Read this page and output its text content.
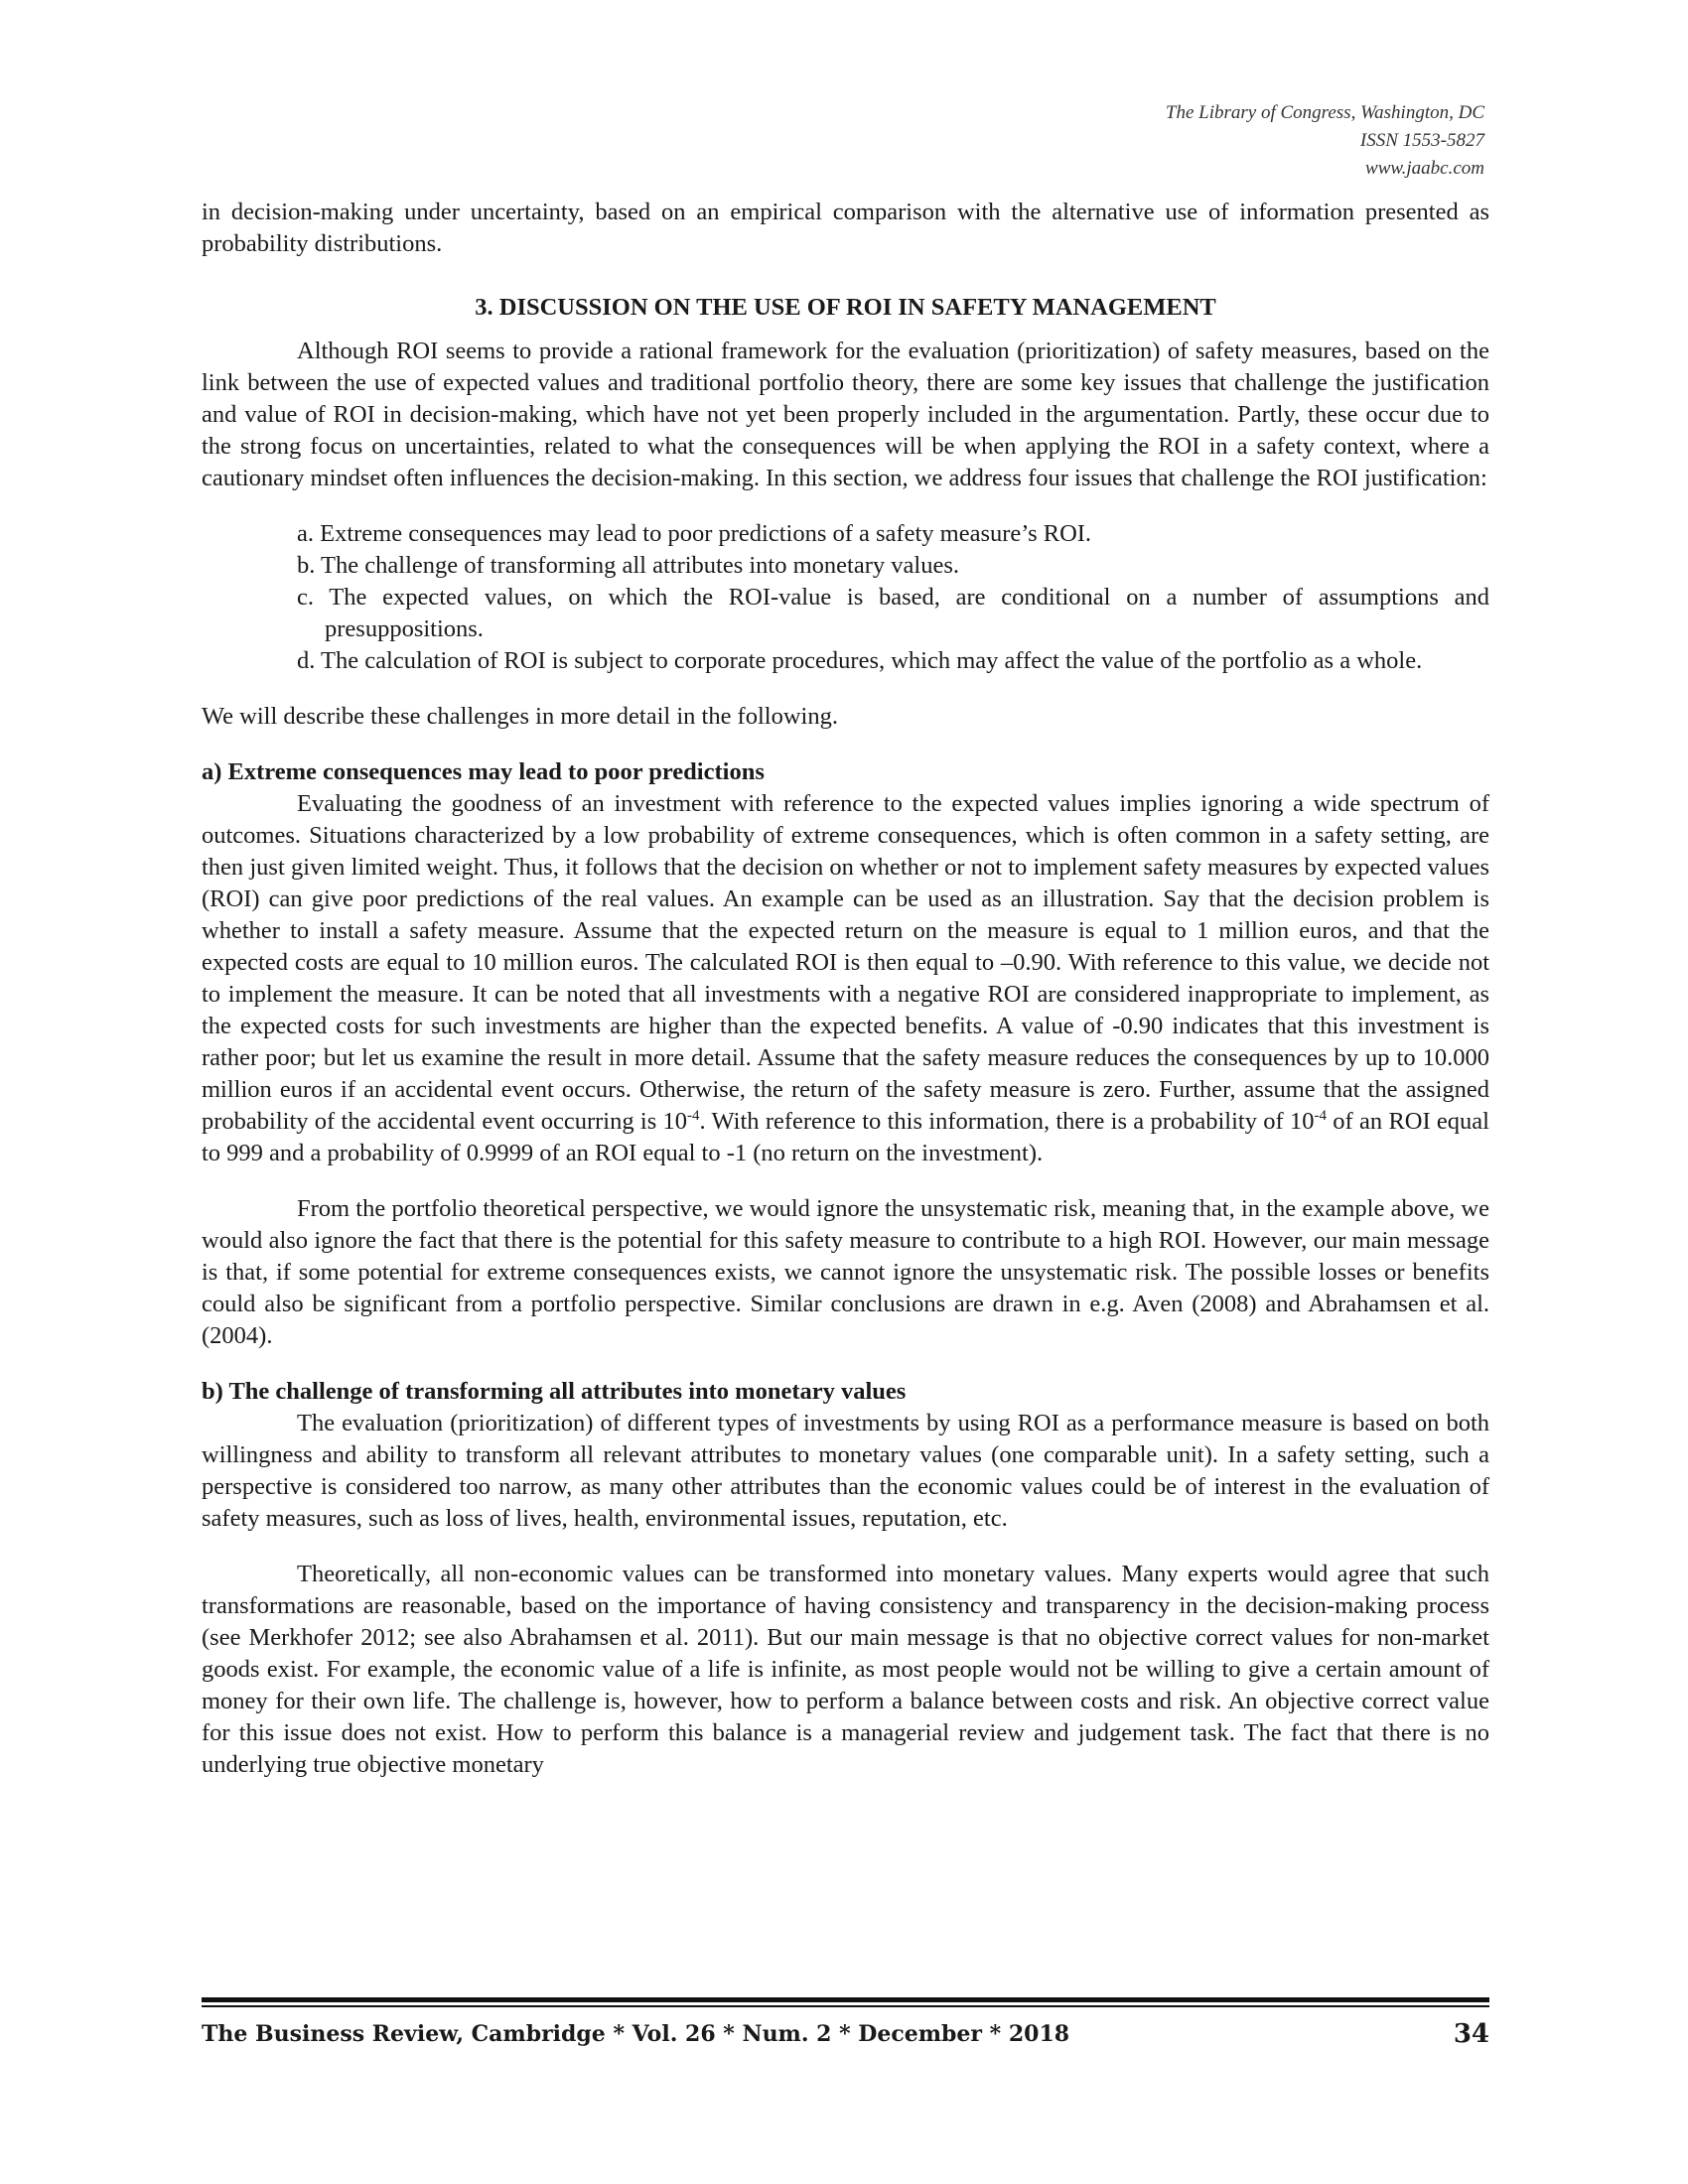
The Library of Congress, Washington, DC
ISSN 1553-5827
www.jaabc.com

in decision-making under uncertainty, based on an empirical comparison with the alternative use of information presented as probability distributions.

3. DISCUSSION ON THE USE OF ROI IN SAFETY MANAGEMENT

Although ROI seems to provide a rational framework for the evaluation (prioritization) of safety measures, based on the link between the use of expected values and traditional portfolio theory, there are some key issues that challenge the justification and value of ROI in decision-making, which have not yet been properly included in the argumentation. Partly, these occur due to the strong focus on uncertainties, related to what the consequences will be when applying the ROI in a safety context, where a cautionary mindset often influences the decision-making. In this section, we address four issues that challenge the ROI justification:

a. Extreme consequences may lead to poor predictions of a safety measure’s ROI.

b. The challenge of transforming all attributes into monetary values.

c. The expected values, on which the ROI-value is based, are conditional on a number of assumptions and presuppositions.

d. The calculation of ROI is subject to corporate procedures, which may affect the value of the portfolio as a whole.

We will describe these challenges in more detail in the following.

a) Extreme consequences may lead to poor predictions

Evaluating the goodness of an investment with reference to the expected values implies ignoring a wide spectrum of outcomes. Situations characterized by a low probability of extreme consequences, which is often common in a safety setting, are then just given limited weight. Thus, it follows that the decision on whether or not to implement safety measures by expected values (ROI) can give poor predictions of the real values. An example can be used as an illustration. Say that the decision problem is whether to install a safety measure. Assume that the expected return on the measure is equal to 1 million euros, and that the expected costs are equal to 10 million euros. The calculated ROI is then equal to –0.90. With reference to this value, we decide not to implement the measure. It can be noted that all investments with a negative ROI are considered inappropriate to implement, as the expected costs for such investments are higher than the expected benefits. A value of -0.90 indicates that this investment is rather poor; but let us examine the result in more detail. Assume that the safety measure reduces the consequences by up to 10.000 million euros if an accidental event occurs. Otherwise, the return of the safety measure is zero. Further, assume that the assigned probability of the accidental event occurring is $10^{-4}$. With reference to this information, there is a probability of $10^{-4}$ of an ROI equal to 999 and a probability of 0.9999 of an ROI equal to -1 (no return on the investment).

From the portfolio theoretical perspective, we would ignore the unsystematic risk, meaning that, in the example above, we would also ignore the fact that there is the potential for this safety measure to contribute to a high ROI. However, our main message is that, if some potential for extreme consequences exists, we cannot ignore the unsystematic risk. The possible losses or benefits could also be significant from a portfolio perspective. Similar conclusions are drawn in e.g. Aven (2008) and Abrahamsen et al. (2004).

b) The challenge of transforming all attributes into monetary values

The evaluation (prioritization) of different types of investments by using ROI as a performance measure is based on both willingness and ability to transform all relevant attributes to monetary values (one comparable unit). In a safety setting, such a perspective is considered too narrow, as many other attributes than the economic values could be of interest in the evaluation of safety measures, such as loss of lives, health, environmental issues, reputation, etc.

Theoretically, all non-economic values can be transformed into monetary values. Many experts would agree that such transformations are reasonable, based on the importance of having consistency and transparency in the decision-making process (see Merkhofer 2012; see also Abrahamsen et al. 2011). But our main message is that no objective correct values for non-market goods exist. For example, the economic value of a life is infinite, as most people would not be willing to give a certain amount of money for their own life. The challenge is, however, how to perform a balance between costs and risk. An objective correct value for this issue does not exist. How to perform this balance is a managerial review and judgement task. The fact that there is no underlying true objective monetary

The Business Review, Cambridge * Vol. 26 * Num. 2 * December * 2018	34
